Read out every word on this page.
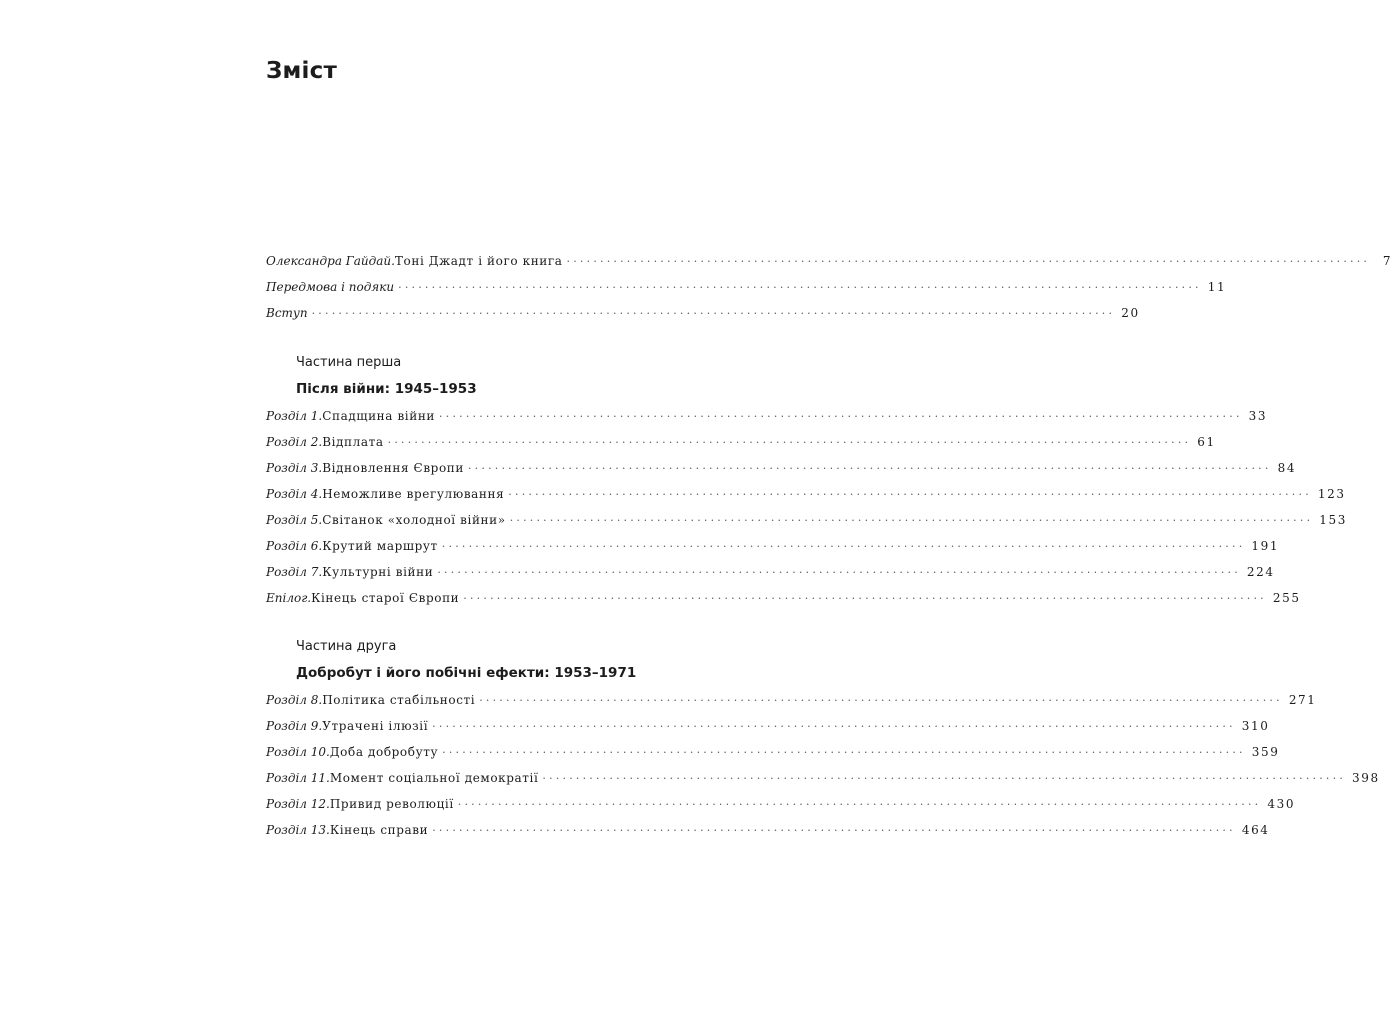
Зміст
Олександра Гайдай. Тоні Джадт і його книга ························································································································	7
Передмова і подяки ························································································································ 11
Вступ ························································································································ 20
Частина перша
Після війни: 1945–1953
Розділ 1. Спадщина війни ························································································································ 33
Розділ 2. Відплата ························································································································ 61
Розділ 3. Відновлення Європи ························································································································ 84
Розділ 4. Неможливе врегулювання ························································································································ 123
Розділ 5. Світанок «холодної війни» ························································································································ 153
Розділ 6. Крутий маршрут ························································································································ 191
Розділ 7. Культурні війни ························································································································ 224
Епілог. Кінець старої Європи ························································································································ 255
Частина друга
Добробут і його побічні ефекти: 1953–1971
Розділ 8. Політика стабільності ························································································································ 271
Розділ 9. Утрачені ілюзії ························································································································ 310
Розділ 10. Доба добробуту ························································································································ 359
Розділ 11. Момент соціальної демократії ························································································································ 398
Розділ 12. Привид революції ························································································································ 430
Розділ 13. Кінець справи ························································································································ 464
